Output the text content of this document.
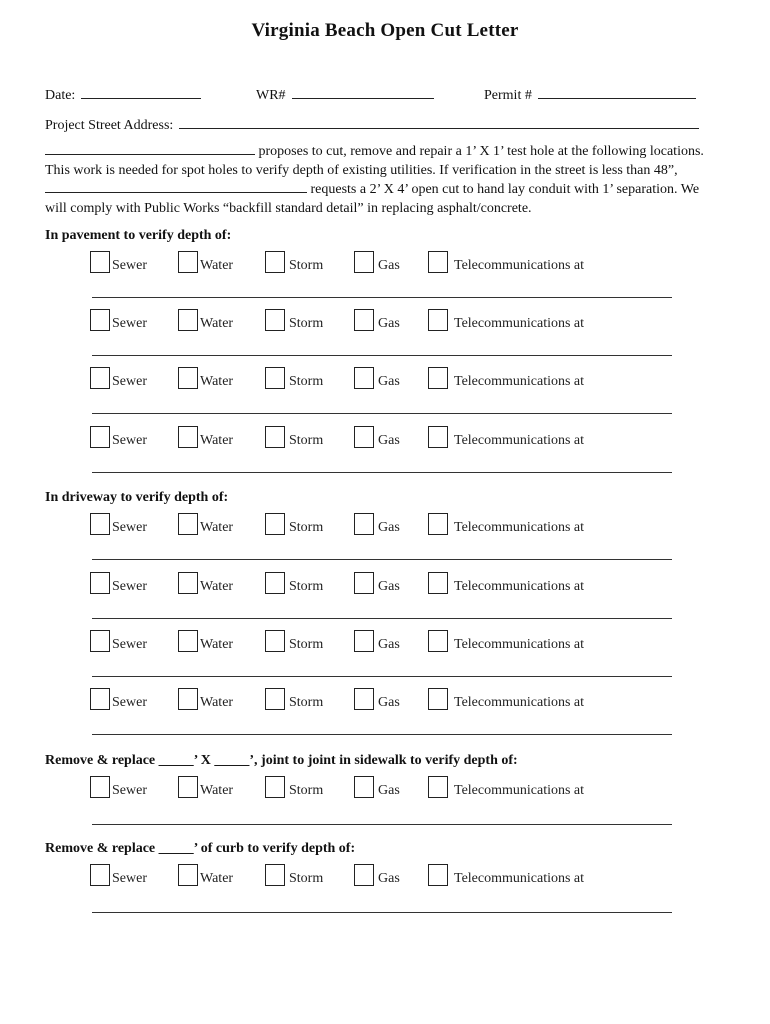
Virginia Beach Open Cut Letter
Date:	WR#	Permit #
Project Street Address:
proposes to cut, remove and repair a 1’ X 1’ test hole at the following locations. This work is needed for spot holes to verify depth of existing utilities. If verification in the street is less than 48”,  requests a 2’ X 4’ open cut to hand lay conduit with 1’ separation. We will comply with Public Works “backfill standard detail” in replacing asphalt/concrete.
In pavement to verify depth of:
Sewer	Water	Storm	Gas	Telecommunications at
Sewer	Water	Storm	Gas	Telecommunications at
Sewer	Water	Storm	Gas	Telecommunications at
Sewer	Water	Storm	Gas	Telecommunications at
In driveway to verify depth of:
Sewer	Water	Storm	Gas	Telecommunications at
Sewer	Water	Storm	Gas	Telecommunications at
Sewer	Water	Storm	Gas	Telecommunications at
Sewer	Water	Storm	Gas	Telecommunications at
Remove & replace _____’ X _____’, joint to joint in sidewalk to verify depth of:
Sewer	Water	Storm	Gas	Telecommunications at
Remove & replace _____’ of curb to verify depth of:
Sewer	Water	Storm	Gas	Telecommunications at
